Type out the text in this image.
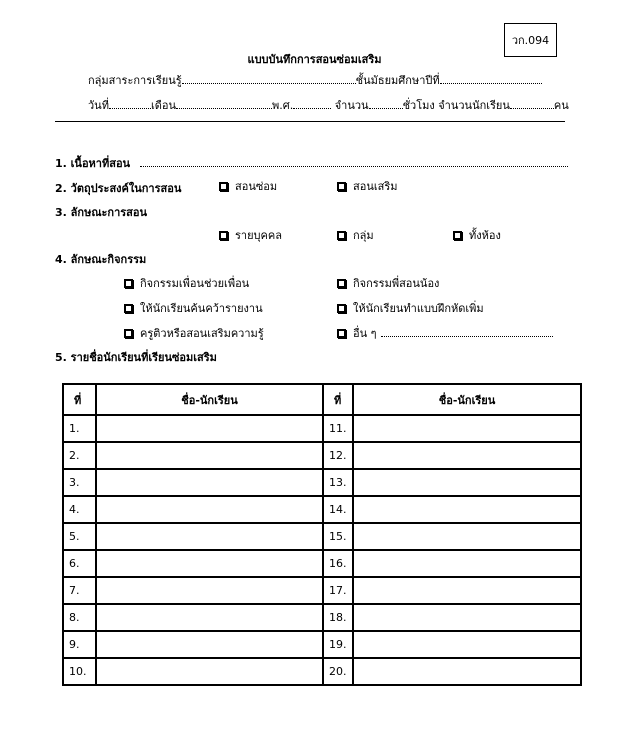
วก.094
แบบบันทึกการสอนซ่อมเสริม
กลุ่มสาระการเรียนรู้	ชั้นมัธยมศึกษาปีที่
วันที่	เดือน	พ.ศ.	จำนวน	ชั่วโมง จำนวนนักเรียน	คน
1. เนื้อหาที่สอน
2. วัตถุประสงค์ในการสอน	สอนซ่อม	สอนเสริม
3. ลักษณะการสอน
รายบุคคล	กลุ่ม	ทั้งห้อง
4. ลักษณะกิจกรรม
กิจกรรมเพื่อนช่วยเพื่อน	กิจกรรมพี่สอนน้อง
ให้นักเรียนค้นคว้ารายงาน	ให้นักเรียนทำแบบฝึกหัดเพิ่ม
ครูติวหรือสอนเสริมความรู้	อื่น ๆ
5. รายชื่อนักเรียนที่เรียนซ่อมเสริม
ที่	ชื่อ-นักเรียน	ที่	ชื่อ-นักเรียน
1.		11.	
2.		12.	
3.		13.	
4.		14.	
5.		15.	
6.		16.	
7.		17.	
8.		18.	
9.		19.	
10.		20.	
